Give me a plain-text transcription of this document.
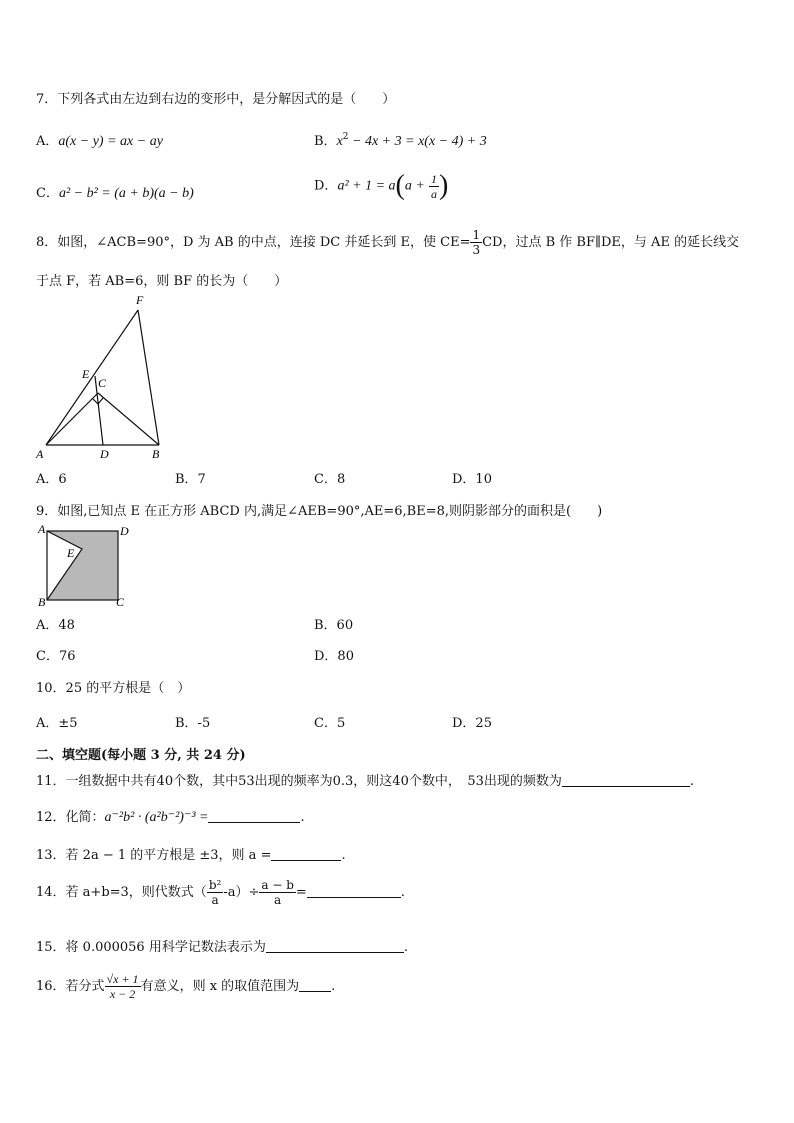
7．下列各式由左边到右边的变形中，是分解因式的是（　　）
A．a(x − y) = ax − ay	B．$x^2 - 4x + 3 = x(x - 4) + 3$
C．a² − b² = (a + b)(a − b)	D．$a^2 + 1 = a(a + \frac{1}{a}$ )
8．如图，∠ACB=90°，D 为 AB 的中点，连接 DC 并延长到 E，使 $CE= \frac{1}{3}$ CD，过点 B 作 BF∥DE，与 AE 的延长线交
于点 F，若 AB=6，则 BF 的长为（　　）
F
E
C
A	D	B
A．6	B．7	C．8	D．10
9．如图,已知点 E 在正方形 ABCD 内,满足∠AEB=90°,AE=6,BE=8,则阴影部分的面积是(　　)
A	D
E
B	C
A．48	B．60
C．76	D．80
10．25 的平方根是（　）
A．±5	B．-5	C．5	D．25
二、填空题(每小题 3 分, 共 24 分)
11．一组数据中共有40个数，其中53出现的频率为0.3，则这40个数中，　53出现的频数为	.
12．化简：a⁻²b² · (a²b⁻²)⁻³ =	.
13．若 2a − 1 的平方根是 ±3，则 a =	.
14．若 a+b=3，则代数式（ $\frac{\text{b²}}{a} -a)\div \frac{a - b}{a}$ =	.
15．将 0.000056 用科学记数法表示为	.
16．若分式 $\frac{√x + 1}{x - 2}$ 有意义，则 x 的取值范围为 .
